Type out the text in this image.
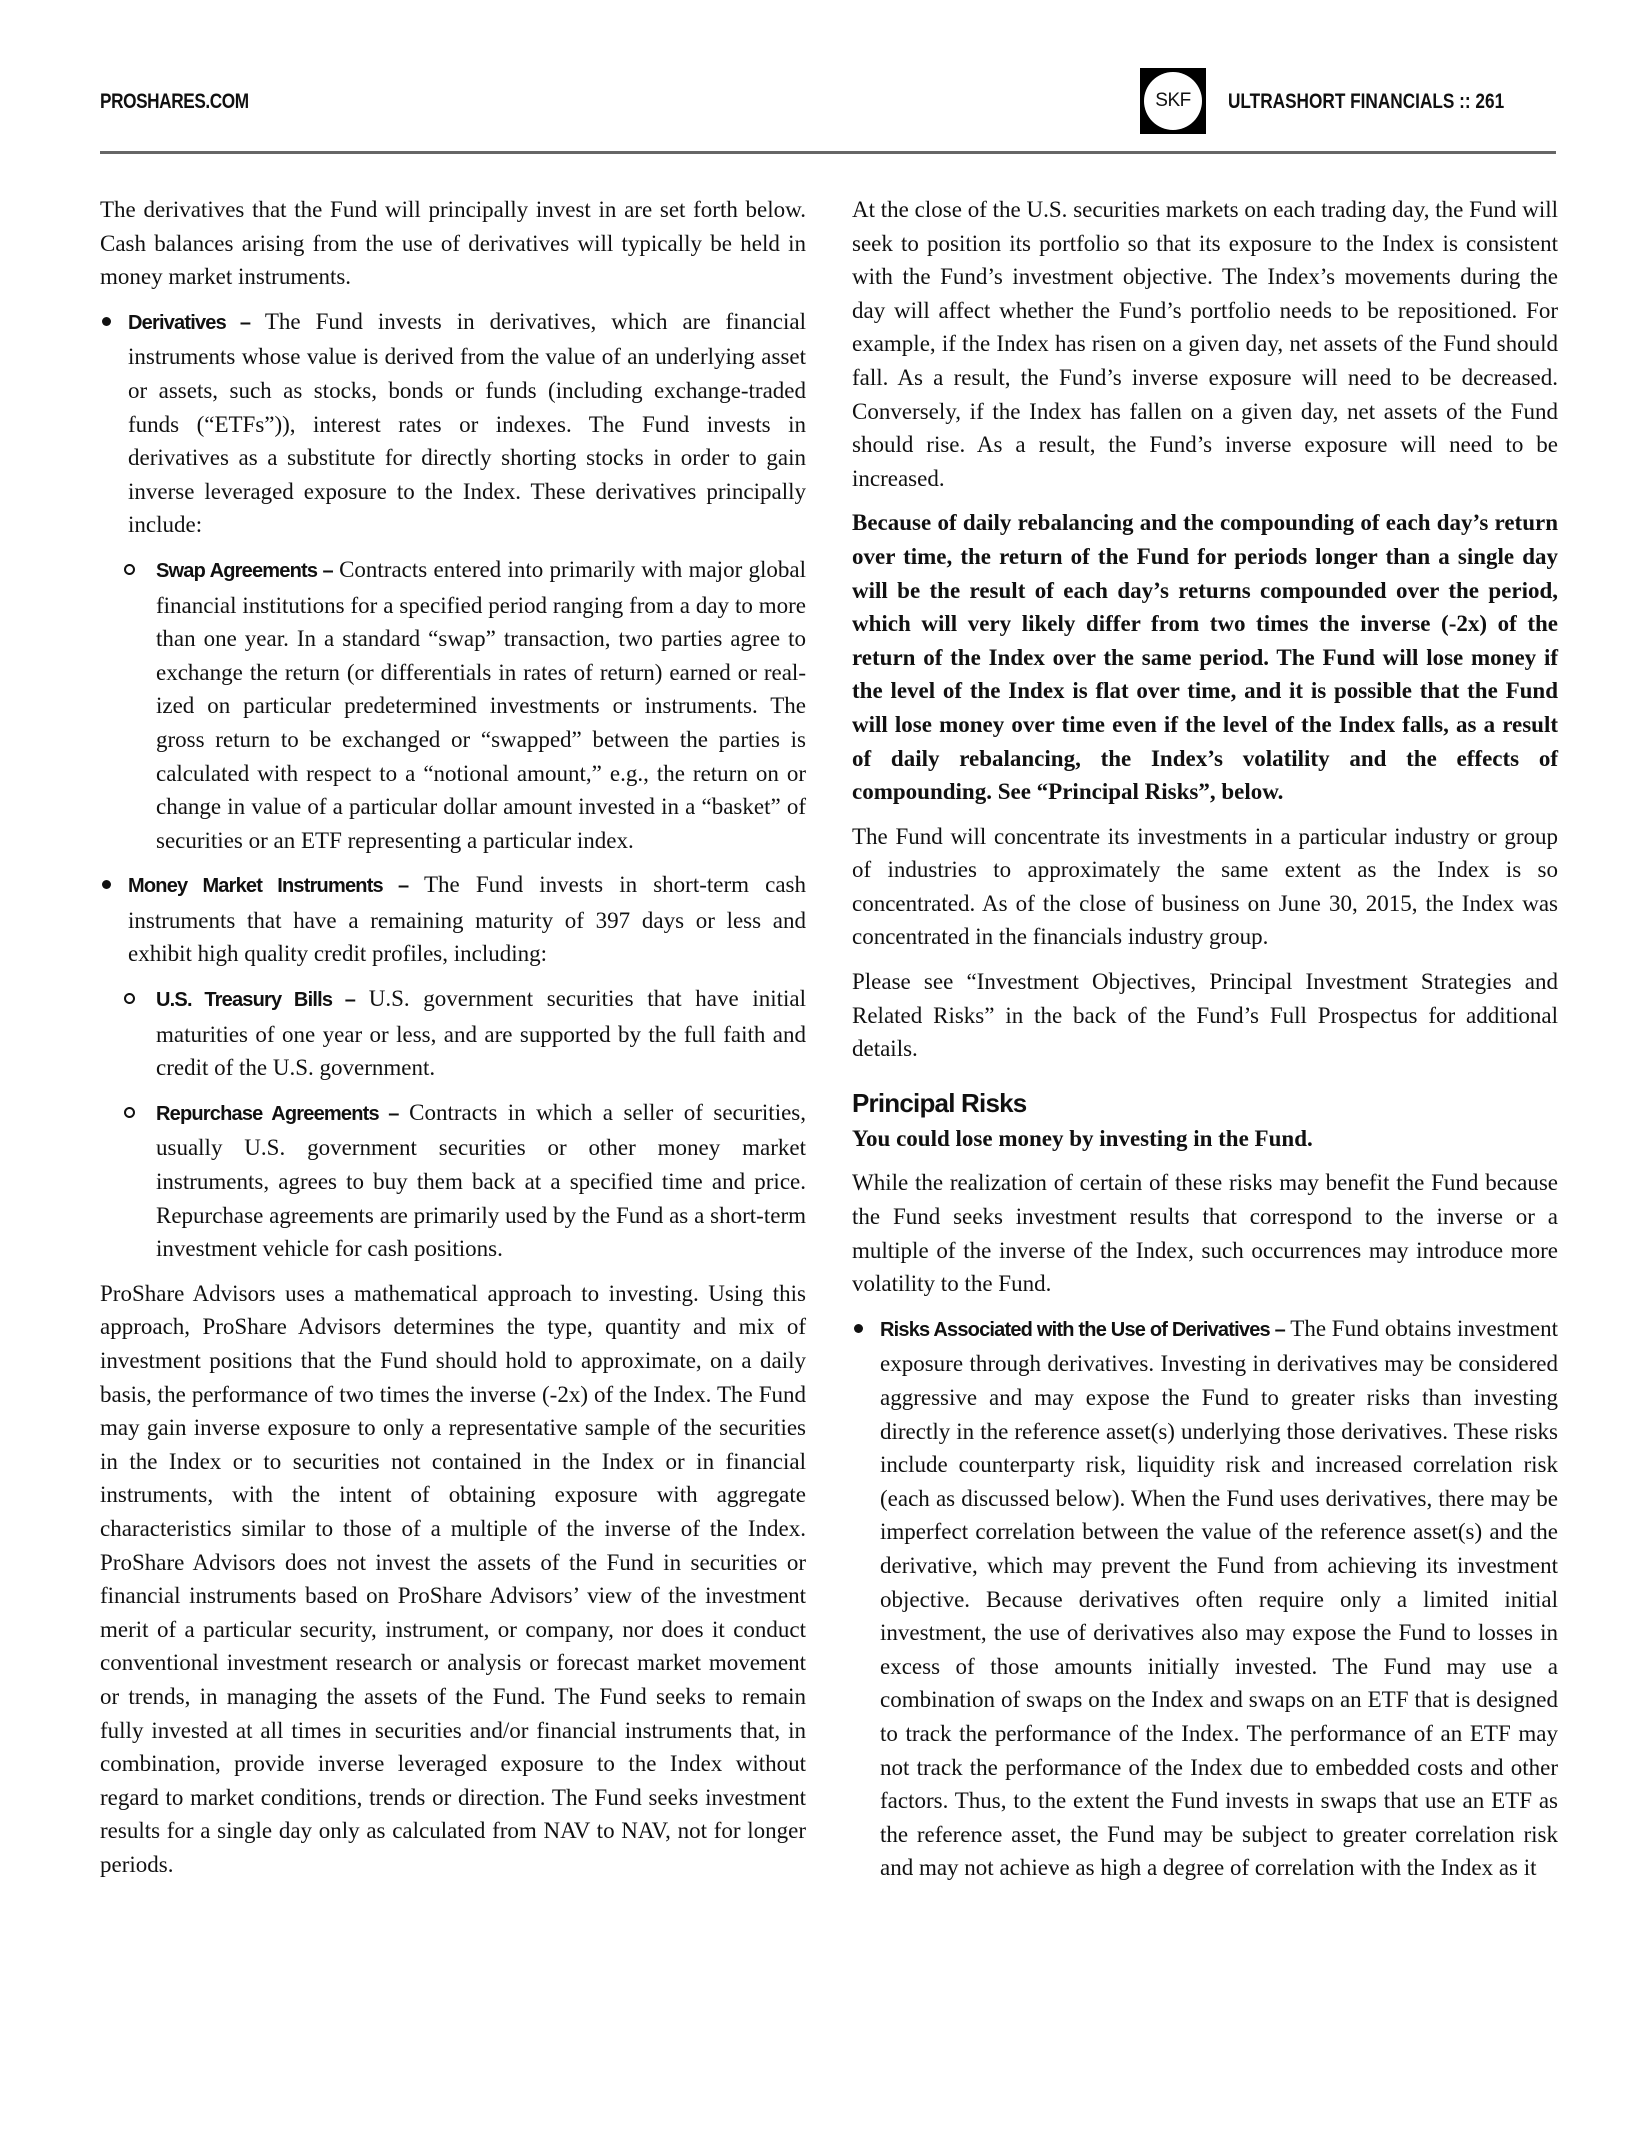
PROSHARES.COM	SKF	ULTRASHORT FINANCIALS :: 261

The derivatives that the Fund will principally invest in are set forth below. Cash balances arising from the use of derivatives will typically be held in money market instruments.

Derivatives – The Fund invests in derivatives, which are financial instruments whose value is derived from the value of an underlying asset or assets, such as stocks, bonds or funds (including exchange-traded funds (“ETFs”)), interest rates or indexes. The Fund invests in derivatives as a substitute for directly shorting stocks in order to gain inverse leveraged exposure to the Index. These derivatives principally include:
Swap Agreements – Contracts entered into primarily with major global financial institutions for a specified period ranging from a day to more than one year. In a standard “swap” transaction, two parties agree to exchange the return (or differentials in rates of return) earned or realized on particular predetermined investments or instruments. The gross return to be exchanged or “swapped” between the parties is calculated with respect to a “notional amount,” e.g., the return on or change in value of a particular dollar amount invested in a “basket” of securities or an ETF representing a particular index.
Money Market Instruments – The Fund invests in short-term cash instruments that have a remaining maturity of 397 days or less and exhibit high quality credit profiles, including:
U.S. Treasury Bills – U.S. government securities that have initial maturities of one year or less, and are supported by the full faith and credit of the U.S. government.
Repurchase Agreements – Contracts in which a seller of securities, usually U.S. government securities or other money market instruments, agrees to buy them back at a specified time and price. Repurchase agreements are primarily used by the Fund as a short-term investment vehicle for cash positions.

ProShare Advisors uses a mathematical approach to investing. Using this approach, ProShare Advisors determines the type, quantity and mix of investment positions that the Fund should hold to approximate, on a daily basis, the performance of two times the inverse (-2x) of the Index. The Fund may gain inverse exposure to only a representative sample of the securities in the Index or to securities not contained in the Index or in financial instruments, with the intent of obtaining exposure with aggregate characteristics similar to those of a multiple of the inverse of the Index. ProShare Advisors does not invest the assets of the Fund in securities or financial instruments based on ProShare Advisors’ view of the investment merit of a particular security, instrument, or company, nor does it conduct conventional investment research or analysis or forecast market movement or trends, in managing the assets of the Fund. The Fund seeks to remain fully invested at all times in securities and/or financial instruments that, in combination, provide inverse leveraged exposure to the Index without regard to market conditions, trends or direction. The Fund seeks investment results for a single day only as calculated from NAV to NAV, not for longer periods.

At the close of the U.S. securities markets on each trading day, the Fund will seek to position its portfolio so that its exposure to the Index is consistent with the Fund’s investment objective. The Index’s movements during the day will affect whether the Fund’s portfolio needs to be repositioned. For example, if the Index has risen on a given day, net assets of the Fund should fall. As a result, the Fund’s inverse exposure will need to be decreased. Conversely, if the Index has fallen on a given day, net assets of the Fund should rise. As a result, the Fund’s inverse exposure will need to be increased.

Because of daily rebalancing and the compounding of each day’s return over time, the return of the Fund for periods longer than a single day will be the result of each day’s returns compounded over the period, which will very likely differ from two times the inverse (-2x) of the return of the Index over the same period. The Fund will lose money if the level of the Index is flat over time, and it is possible that the Fund will lose money over time even if the level of the Index falls, as a result of daily rebalancing, the Index’s volatility and the effects of compounding. See “Principal Risks”, below.

The Fund will concentrate its investments in a particular industry or group of industries to approximately the same extent as the Index is so concentrated. As of the close of business on June 30, 2015, the Index was concentrated in the financials industry group.

Please see “Investment Objectives, Principal Investment Strategies and Related Risks” in the back of the Fund’s Full Prospectus for additional details.

Principal Risks

You could lose money by investing in the Fund.

While the realization of certain of these risks may benefit the Fund because the Fund seeks investment results that correspond to the inverse or a multiple of the inverse of the Index, such occurrences may introduce more volatility to the Fund.

Risks Associated with the Use of Derivatives – The Fund obtains investment exposure through derivatives. Investing in derivatives may be considered aggressive and may expose the Fund to greater risks than investing directly in the reference asset(s) underlying those derivatives. These risks include counterparty risk, liquidity risk and increased correlation risk (each as discussed below). When the Fund uses derivatives, there may be imperfect correlation between the value of the reference asset(s) and the derivative, which may prevent the Fund from achieving its investment objective. Because derivatives often require only a limited initial investment, the use of derivatives also may expose the Fund to losses in excess of those amounts initially invested. The Fund may use a combination of swaps on the Index and swaps on an ETF that is designed to track the performance of the Index. The performance of an ETF may not track the performance of the Index due to embedded costs and other factors. Thus, to the extent the Fund invests in swaps that use an ETF as the reference asset, the Fund may be subject to greater correlation risk and may not achieve as high a degree of correlation with the Index as it
